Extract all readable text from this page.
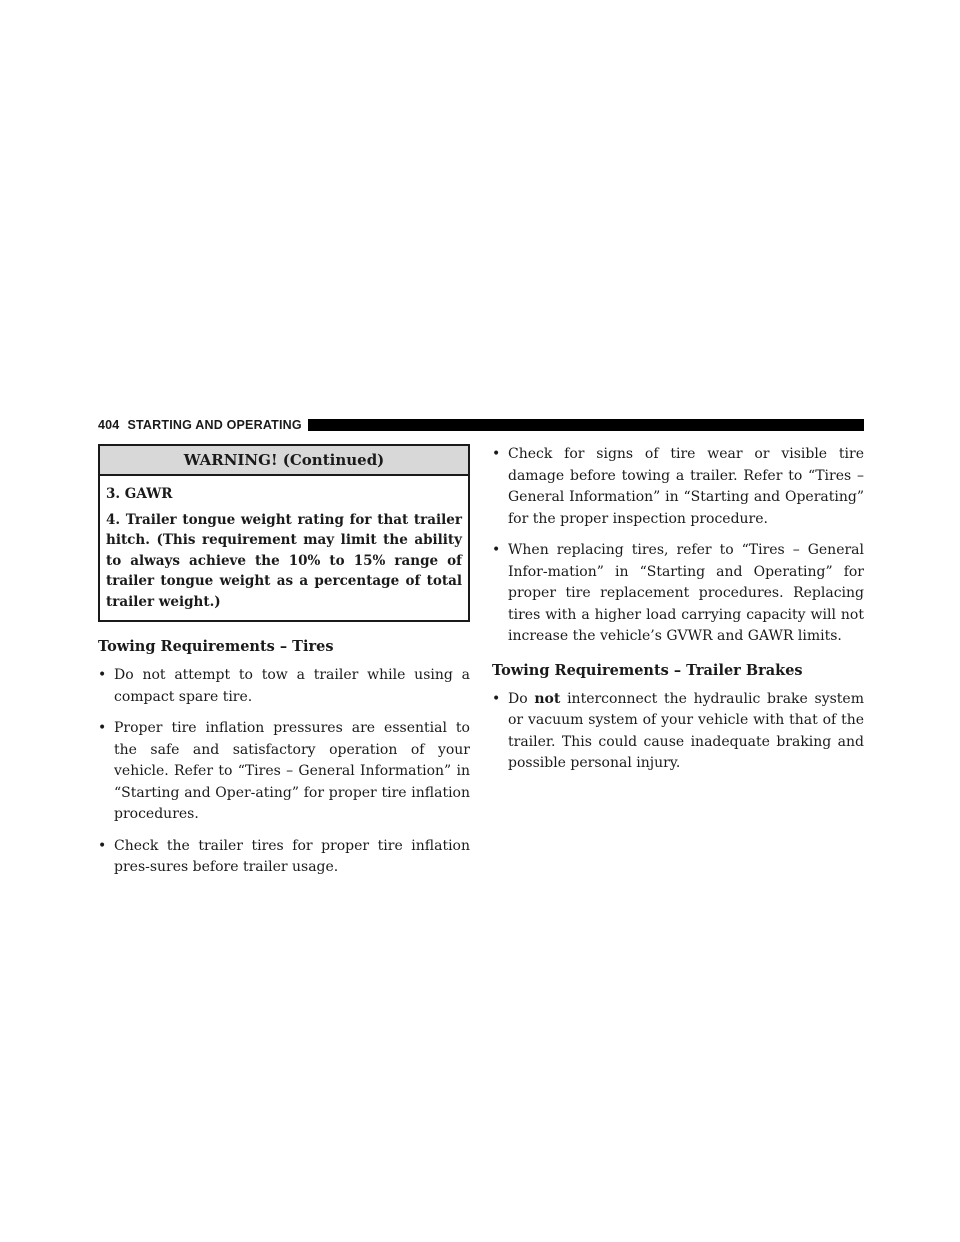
404 STARTING AND OPERATING
WARNING! (Continued)

3. GAWR

4. Trailer tongue weight rating for that trailer hitch. (This requirement may limit the ability to always achieve the 10% to 15% range of trailer tongue weight as a percentage of total trailer weight.)

Towing Requirements – Tires
• Do not attempt to tow a trailer while using a compact spare tire.
• Proper tire inflation pressures are essential to the safe and satisfactory operation of your vehicle. Refer to “Tires – General Information” in “Starting and Oper-ating” for proper tire inflation procedures.
• Check the trailer tires for proper tire inflation pres-sures before trailer usage.
• Check for signs of tire wear or visible tire damage before towing a trailer. Refer to “Tires – General Information” in “Starting and Operating” for the proper inspection procedure.
• When replacing tires, refer to “Tires – General Infor-mation” in “Starting and Operating” for proper tire replacement procedures. Replacing tires with a higher load carrying capacity will not increase the vehicle’s GVWR and GAWR limits.
Towing Requirements – Trailer Brakes
• Do not interconnect the hydraulic brake system or vacuum system of your vehicle with that of the trailer. This could cause inadequate braking and possible personal injury.
